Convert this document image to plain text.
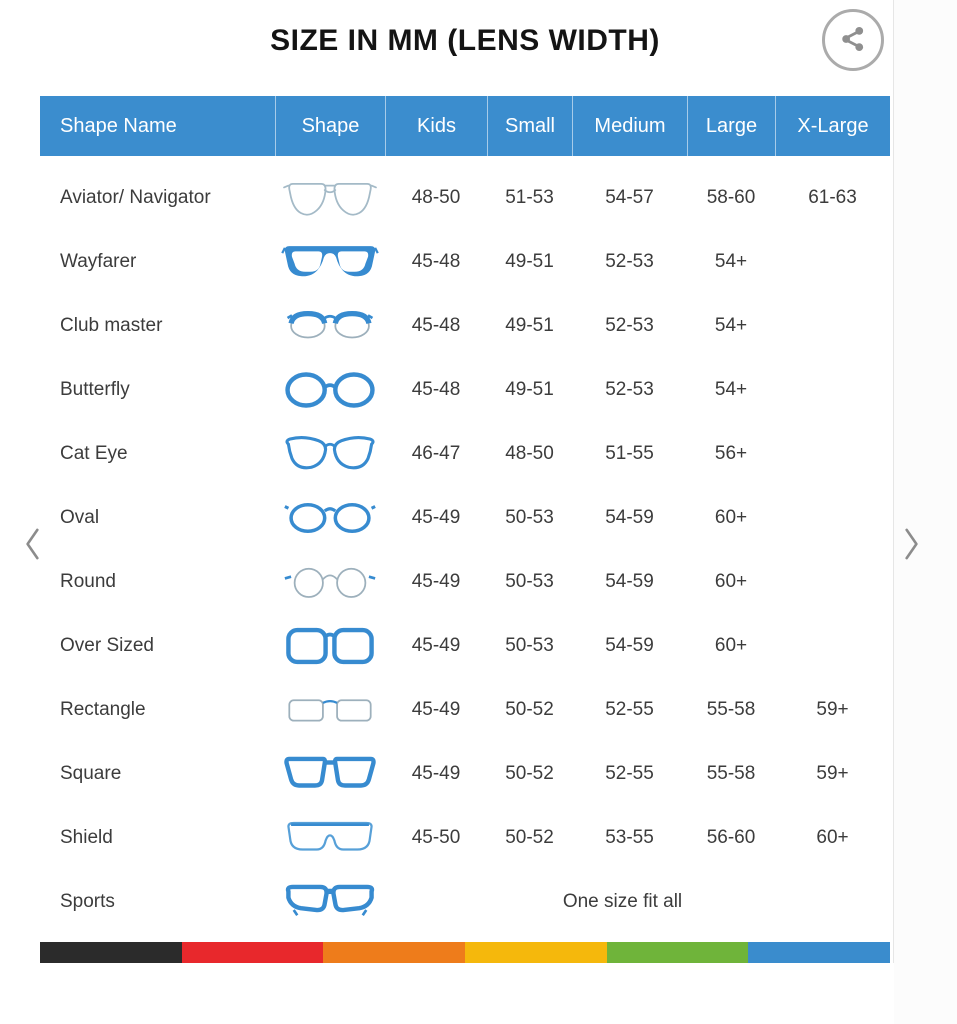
SIZE IN MM (LENS WIDTH)
Shape Name	Shape	Kids	Small	Medium	Large	X-Large
Aviator/ Navigator	48-50	51-53	54-57	58-60	61-63
Wayfarer	45-48	49-51	52-53	54+
Club master	45-48	49-51	52-53	54+
Butterfly	45-48	49-51	52-53	54+
Cat Eye	46-47	48-50	51-55	56+
Oval	45-49	50-53	54-59	60+
Round	45-49	50-53	54-59	60+
Over Sized	45-49	50-53	54-59	60+
Rectangle	45-49	50-52	52-55	55-58	59+
Square	45-49	50-52	52-55	55-58	59+
Shield	45-50	50-52	53-55	56-60	60+
Sports	One size fit all
